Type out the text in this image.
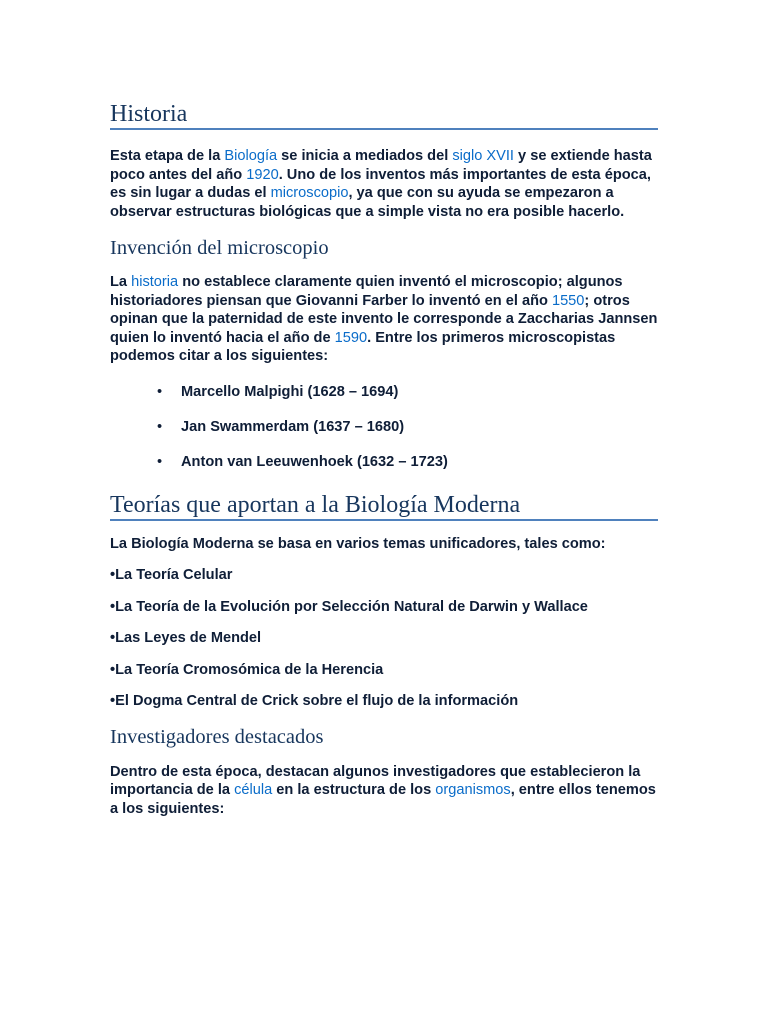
Historia

Esta etapa de la Biología se inicia a mediados del siglo XVII y se extiende hasta poco antes del año 1920. Uno de los inventos más importantes de esta época, es sin lugar a dudas el microscopio, ya que con su ayuda se empezaron a observar estructuras biológicas que a simple vista no era posible hacerlo.

Invención del microscopio

La historia no establece claramente quien inventó el microscopio; algunos historiadores piensan que Giovanni Farber lo inventó en el año 1550; otros opinan que la paternidad de este invento le corresponde a Zaccharias Jannsen quien lo inventó hacia el año de 1590. Entre los primeros microscopistas podemos citar a los siguientes:

• Marcello Malpighi (1628 – 1694)
• Jan Swammerdam (1637 – 1680)
• Anton van Leeuwenhoek (1632 – 1723)
Teorías que aportan a la Biología Moderna

La Biología Moderna se basa en varios temas unificadores, tales como:

•La Teoría Celular

•La Teoría de la Evolución por Selección Natural de Darwin y Wallace

•Las Leyes de Mendel

•La Teoría Cromosómica de la Herencia

•El Dogma Central de Crick sobre el flujo de la información

Investigadores destacados

Dentro de esta época, destacan algunos investigadores que establecieron la importancia de la célula en la estructura de los organismos, entre ellos tenemos a los siguientes:
